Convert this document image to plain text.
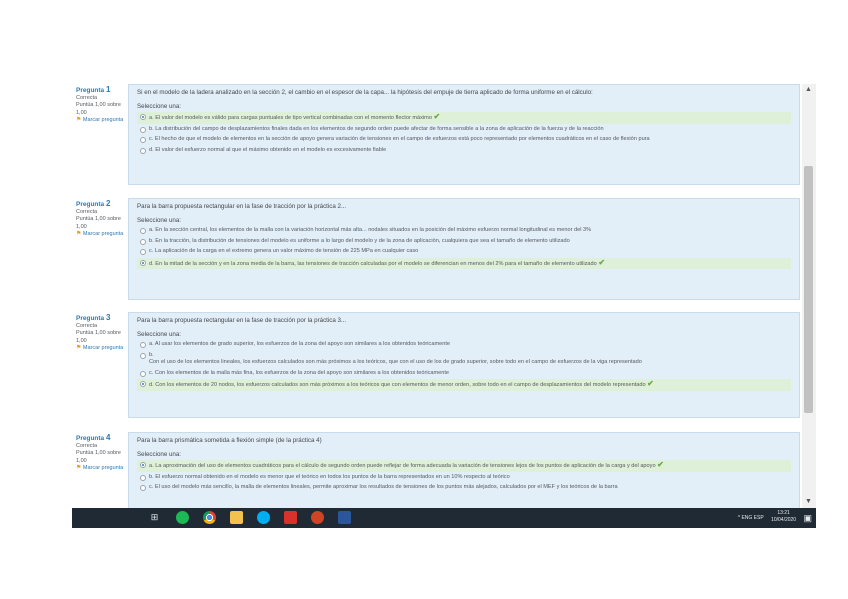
Pregunta 1
Correcta
Puntúa 1,00 sobre 1,00
⚑ Marcar pregunta
Si en el modelo de la ladera analizado en la sección 2, el cambio en el espesor de la capa... la hipótesis del empuje de tierra aplicado de forma uniforme en el cálculo:
Seleccione una:
a. El valor del modelo es válido para cargas puntuales de tipo vertical combinadas con el momento flector máximo ✔
b. La distribución del campo de desplazamientos finales dada en los elementos de segundo orden puede afectar de forma sensible a la zona de aplicación de la fuerza y de la reacción
c. El hecho de que el modelo de elementos en la sección de apoyo genera variación de tensiones en el campo de esfuerzos está poco representado por elementos cuadráticos en el caso de flexión pura
d. El valor del esfuerzo normal al que el máximo obtenido en el modelo es excesivamente fiable
Pregunta 2
Correcta
Puntúa 1,00 sobre 1,00
⚑ Marcar pregunta
Para la barra propuesta rectangular en la fase de tracción por la práctica 2...
Seleccione una:
a. En la sección central, los elementos de la malla con la variación horizontal más alta... nodales situados en la posición del máximo esfuerzo normal longitudinal es menor del 3%
b. En la tracción, la distribución de tensiones del modelo es uniforme a lo largo del modelo y de la zona de aplicación, cualquiera que sea el tamaño de elemento utilizado
c. La aplicación de la carga en el extremo genera un valor máximo de tensión de 225 MPa en cualquier caso
d. En la mitad de la sección y en la zona media de la barra, las tensiones de tracción calculadas por el modelo se diferencian en menos del 2% para el tamaño de elemento utilizado ✔
Pregunta 3
Correcta
Puntúa 1,00 sobre 1,00
⚑ Marcar pregunta
Para la barra propuesta rectangular en la fase de tracción por la práctica 3...
Seleccione una:
a. Al usar los elementos de grado superior, los esfuerzos de la zona del apoyo son similares a los obtenidos teóricamente
b.
Con el uso de los elementos lineales, los esfuerzos calculados son más próximos a los teóricos, que con el uso de los de grado superior, sobre todo en el campo de esfuerzos de la viga representado
c. Con los elementos de la malla más fina, los esfuerzos de la zona del apoyo son similares a los obtenidos teóricamente
d. Con los elementos de 20 nodos, los esfuerzos calculados son más próximos a los teóricos que con elementos de menor orden, sobre todo en el campo de desplazamientos del modelo representado ✔
Pregunta 4
Correcta
Puntúa 1,00 sobre 1,00
⚑ Marcar pregunta
Para la barra prismática sometida a flexión simple (de la práctica 4)
Seleccione una:
a. La aproximación del uso de elementos cuadráticos para el cálculo de segundo orden puede reflejar de forma adecuada la variación de tensiones lejos de los puntos de aplicación de la carga y del apoyo ✔
b. El esfuerzo normal obtenido en el modelo es menor que el teórico en todos los puntos de la barra representados en un 10% respecto al teórico
c. El uso del modelo más sencillo, la malla de elementos lineales, permite aproximar los resultados de tensiones de los puntos más alejados, calculados por el MEF y los teóricos de la barra
▲
▼
⊞	^ ENG ESP
13:21
10/04/2020 ▣
